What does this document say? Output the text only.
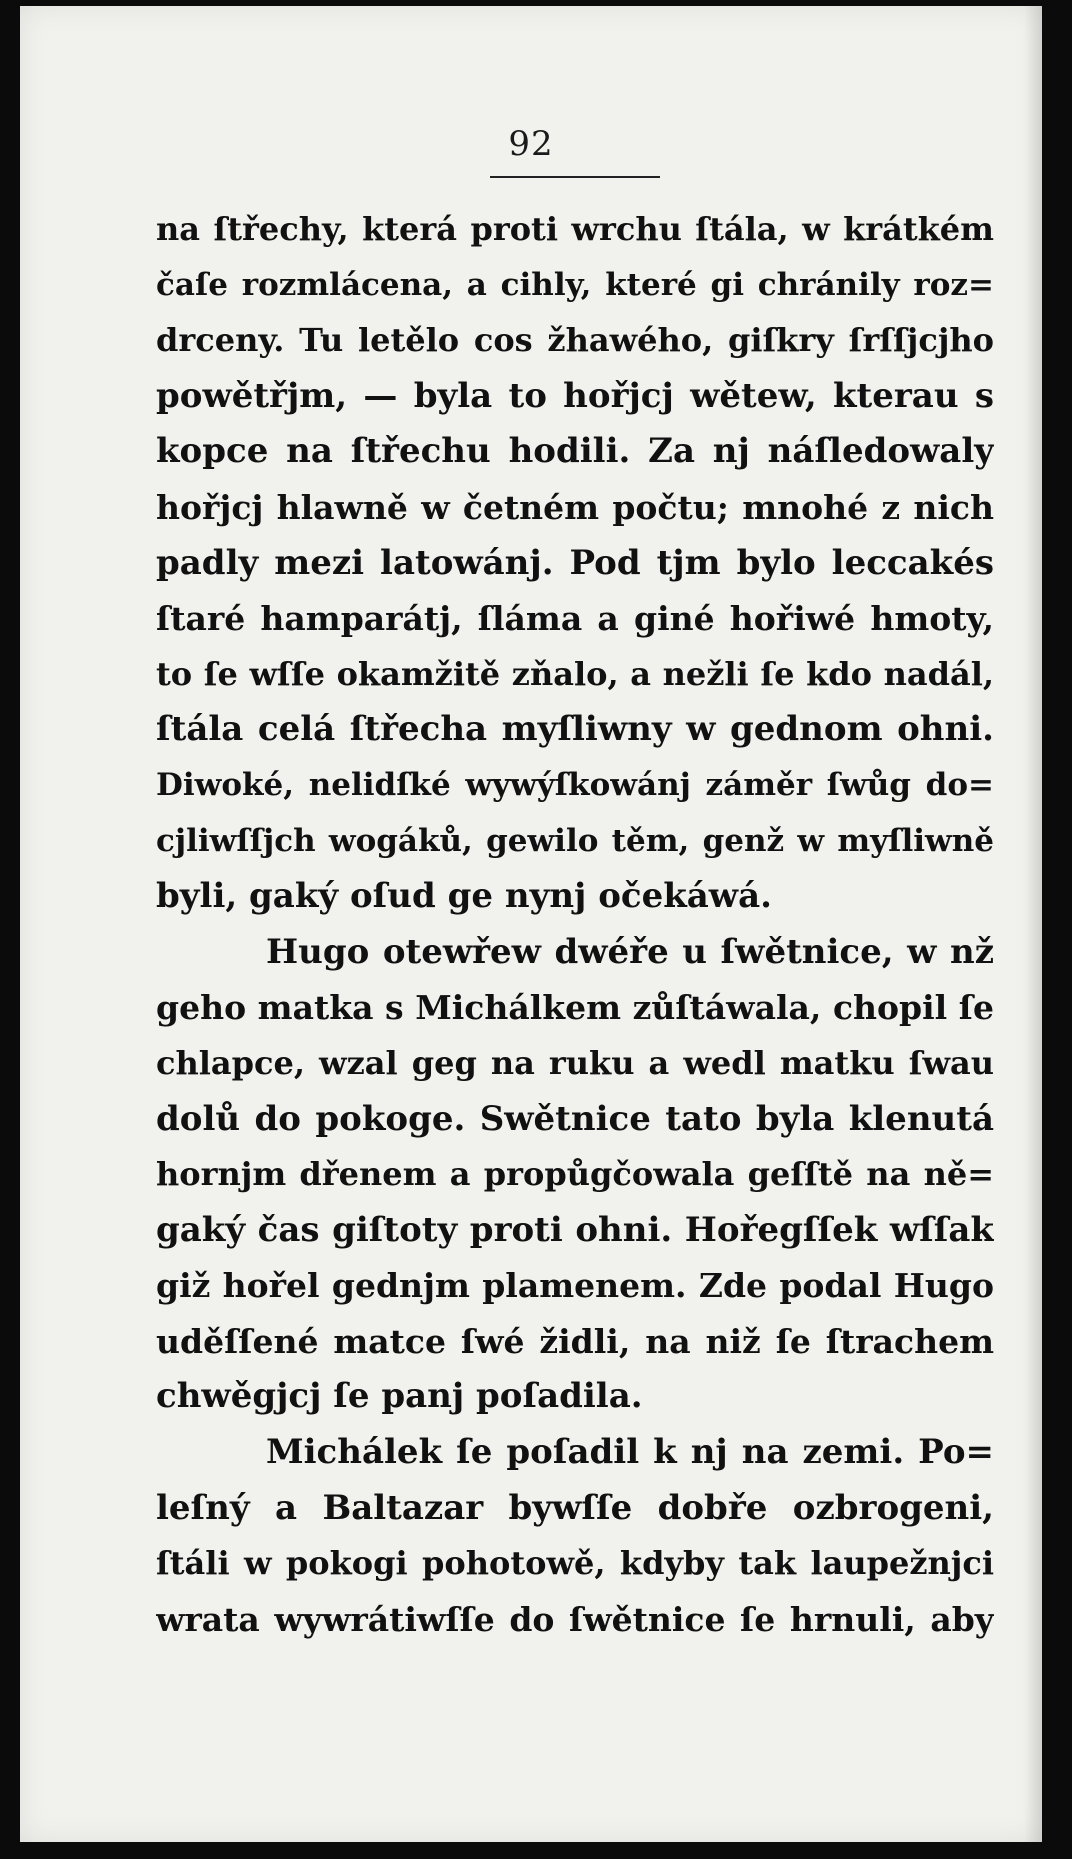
92
na ſtřechy, která proti wrchu ſtála, w krátkém
čaſe rozmlácena, a cihly, které gi chránily roz=
drceny. Tu letělo cos žhawého, giſkry ſrſſjcjho
powětřjm, — byla to hořjcj wětew, kterau s
kopce na ſtřechu hodili. Za nj náſledowaly
hořjcj hlawně w četném počtu; mnohé z nich
padly mezi latowánj. Pod tjm bylo leccakés
ſtaré hamparátj, ſláma a giné hořiwé hmoty,
to ſe wſſe okamžitě zňalo, a nežli ſe kdo nadál,
ſtála celá ſtřecha myſliwny w gednom ohni.
Diwoké, nelidſké wywýſkowánj záměr ſwůg do=
cjliwſſjch wogáků, gewilo těm, genž w myſliwně
byli, gaký oſud ge nynj očekáwá.
Hugo otewřew dwéře u ſwětnice, w nž
geho matka s Michálkem zůſtáwala, chopil ſe
chlapce, wzal geg na ruku a wedl matku ſwau
dolů do pokoge. Swětnice tato byla klenutá
hornjm dřenem a propůgčowala geſſtě na ně=
gaký čas giſtoty proti ohni. Hořegſſek wſſak
giž hořel gednjm plamenem. Zde podal Hugo
uděſſené matce ſwé židli, na niž ſe ſtrachem
chwěgjcj ſe panj poſadila.
Michálek ſe poſadil k nj na zemi. Po=
leſný a Baltazar bywſſe dobře ozbrogeni,
ſtáli w pokogi pohotowě, kdyby tak laupežnjci
wrata wywrátiwſſe do ſwětnice ſe hrnuli, aby
